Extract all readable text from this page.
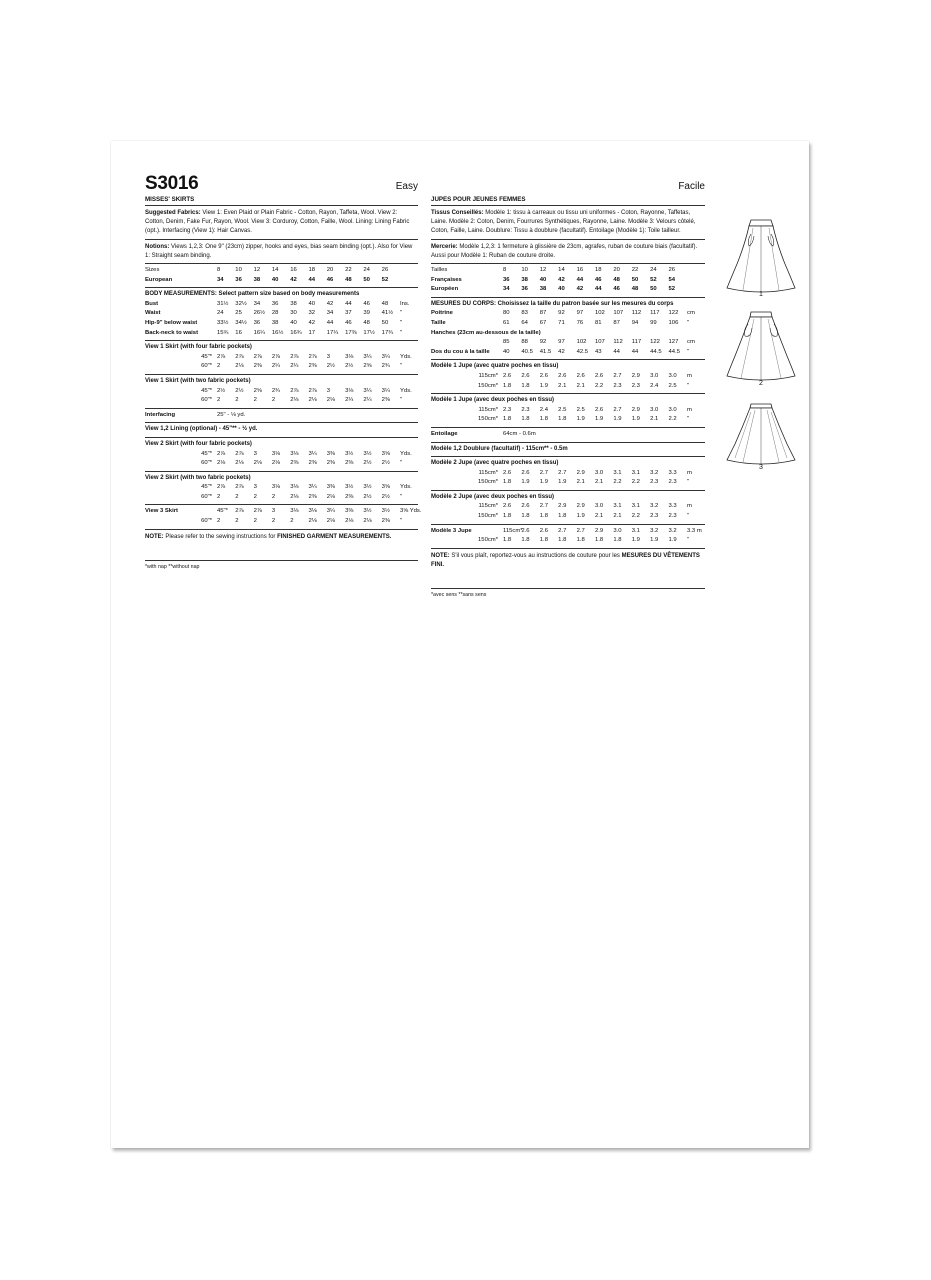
S3016	Easy
MISSES' SKIRTS

Suggested Fabrics: View 1: Even Plaid or Plain Fabric - Cotton, Rayon, Taffeta, Wool. View 2: Cotton, Denim, Fake Fur, Rayon, Wool. View 3: Corduroy, Cotton, Faille, Wool. Lining: Lining Fabric (opt.). Interfacing (View 1): Hair Canvas.

Notions: Views 1,2,3: One 9" (23cm) zipper, hooks and eyes, bias seam binding (opt.). Also for View 1: Straight seam binding.

Sizes	8	10	12	14	16	18	20	22	24	26	
European	34	36	38	40	42	44	46	48	50	52	
BODY MEASUREMENTS: Select pattern size based on body measurements
Bust	31½	32½	34	36	38	40	42	44	46	48	Ins.
Waist	24	25	26½	28	30	32	34	37	39	41½	"
Hip-9" below waist	33½	34½	36	38	40	42	44	46	48	50	"
Back-neck to waist	15¾	16	16¼	16½	16¾	17	17¼	17⅜	17½	17¾	"
View 1 Skirt (with four fabric pockets)
45"*	2⅞	2⅞	2⅞	2⅞	2⅞	2⅞	3	3⅛	3¼	3¼	Yds.
60"*	2	2⅛	2⅜	2¼	2¼	2⅜	2½	2½	2⅝	2¾	"
View 1 Skirt (with two fabric pockets)
45"*	2½	2½	2⅝	2¾	2⅞	2⅞	3	3⅛	3¼	3¼	Yds.
60"*	2	2	2	2	2⅛	2⅛	2⅛	2¼	2¼	2⅜	"
Interfacing	25" - ⅛ yd.
View 1,2 Lining (optional) - 45"** - ½ yd.
View 2 Skirt (with four fabric pockets)
45"*	2⅞	2⅞	3	3⅛	3⅛	3¼	3⅜	3½	3½	3⅝	Yds.
60"*	2⅛	2⅛	2⅛	2⅛	2⅜	2⅜	2⅜	2⅜	2½	2½	"
View 2 Skirt (with two fabric pockets)
45"*	2⅞	2⅞	3	3⅛	3⅛	3¼	3⅜	3½	3½	3⅝	Yds.
60"*	2	2	2	2	2⅛	2⅜	2⅛	2⅜	2½	2½	"
View 3 Skirt	45"*	2⅞	2⅞	3	3⅛	3⅛	3¼	3⅜	3½	3½	3⅝ Yds.
60"*	2	2	2	2	2	2⅛	2⅛	2⅛	2⅛	2⅜	"

NOTE: Please refer to the sewing instructions for FINISHED GARMENT MEASUREMENTS.

*with nap **without nap
Facile
JUPES POUR JEUNES FEMMES

Tissus Conseillés: Modèle 1: tissu à carreaux ou tissu uni uniformes - Coton, Rayonne, Taffetas, Laine. Modèle 2: Coton, Denim, Fourrures Synthétiques, Rayonne, Laine. Modèle 3: Velours côtelé, Coton, Faille, Laine. Doublure: Tissu à doublure (facultatif). Entoilage (Modèle 1): Toile tailleur.

Mercerie: Modèle 1,2,3: 1 fermeture à glissière de 23cm, agrafes, ruban de couture biais (facultatif). Aussi pour Modèle 1: Ruban de couture droite.

Tailles	8	10	12	14	16	18	20	22	24	26	
Françaises	36	38	40	42	44	46	48	50	52	54	
Européen	34	36	38	40	42	44	46	48	50	52	
MESURES DU CORPS: Choisissez la taille du patron basée sur les mesures du corps
Poitrine	80	83	87	92	97	102	107	112	117	122	cm
Taille	61	64	67	71	76	81	87	94	99	106	"
Hanches (23cm au-dessous de la taille)											
	85	88	92	97	102	107	112	117	122	127	cm
Dos du cou à la taille	40	40.5	41.5	42	42.5	43	44	44	44.5	44.5	"
Modèle 1 Jupe (avec quatre poches en tissu)
115cm*	2.6	2.6	2.6	2.6	2.6	2.6	2.7	2.9	3.0	3.0	m
150cm*	1.8	1.8	1.9	2.1	2.1	2.2	2.3	2.3	2.4	2.5	"
Modèle 1 Jupe (avec deux poches en tissu)
115cm*	2.3	2.3	2.4	2.5	2.5	2.6	2.7	2.9	3.0	3.0	m
150cm*	1.8	1.8	1.8	1.8	1.9	1.9	1.9	1.9	2.1	2.2	"
Entoilage	64cm - 0.6m
Modèle 1,2 Doublure (facultatif) - 115cm** - 0.5m
Modèle 2 Jupe (avec quatre poches en tissu)
115cm*	2.6	2.6	2.7	2.7	2.9	3.0	3.1	3.1	3.2	3.3	m
150cm*	1.8	1.9	1.9	1.9	2.1	2.1	2.2	2.2	2.3	2.3	"
Modèle 2 Jupe (avec deux poches en tissu)
115cm*	2.6	2.6	2.7	2.9	2.9	3.0	3.1	3.1	3.2	3.3	m
150cm*	1.8	1.8	1.8	1.8	1.9	2.1	2.1	2.2	2.3	2.3	"
Modèle 3 Jupe	115cm*	2.6	2.6	2.7	2.7	2.9	3.0	3.1	3.2	3.2	3.3 m
150cm*	1.8	1.8	1.8	1.8	1.8	1.8	1.8	1.9	1.9	1.9	"

NOTE: S'il vous plaît, reportez-vous au instructions de couture pour les MESURES DU VÊTEMENTS FINI.

*avec sens **sans sens
1
2
3
